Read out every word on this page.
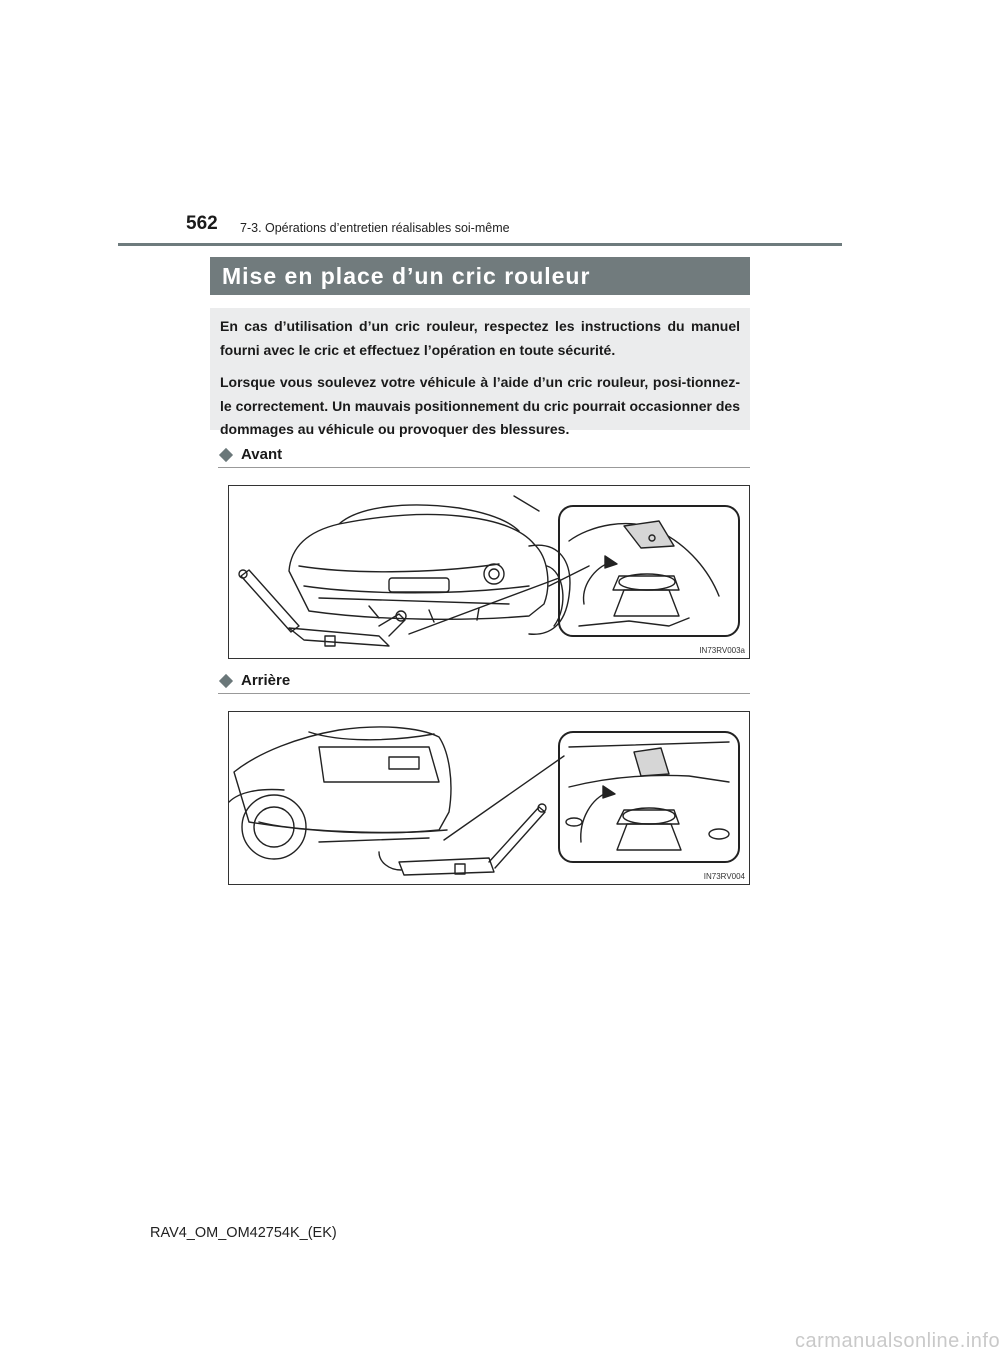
562 7-3. Opérations d’entretien réalisables soi-même
Mise en place d’un cric rouleur

En cas d’utilisation d’un cric rouleur, respectez les instructions du manuel fourni avec le cric et effectuez l’opération en toute sécurité.

Lorsque vous soulevez votre véhicule à l’aide d’un cric rouleur, posi-tionnez-le correctement. Un mauvais positionnement du cric pourrait occasionner des dommages au véhicule ou provoquer des blessures.

Avant
IN73RV003a
Arrière
IN73RV004
RAV4_OM_OM42754K_(EK)
carmanualsonline.info
